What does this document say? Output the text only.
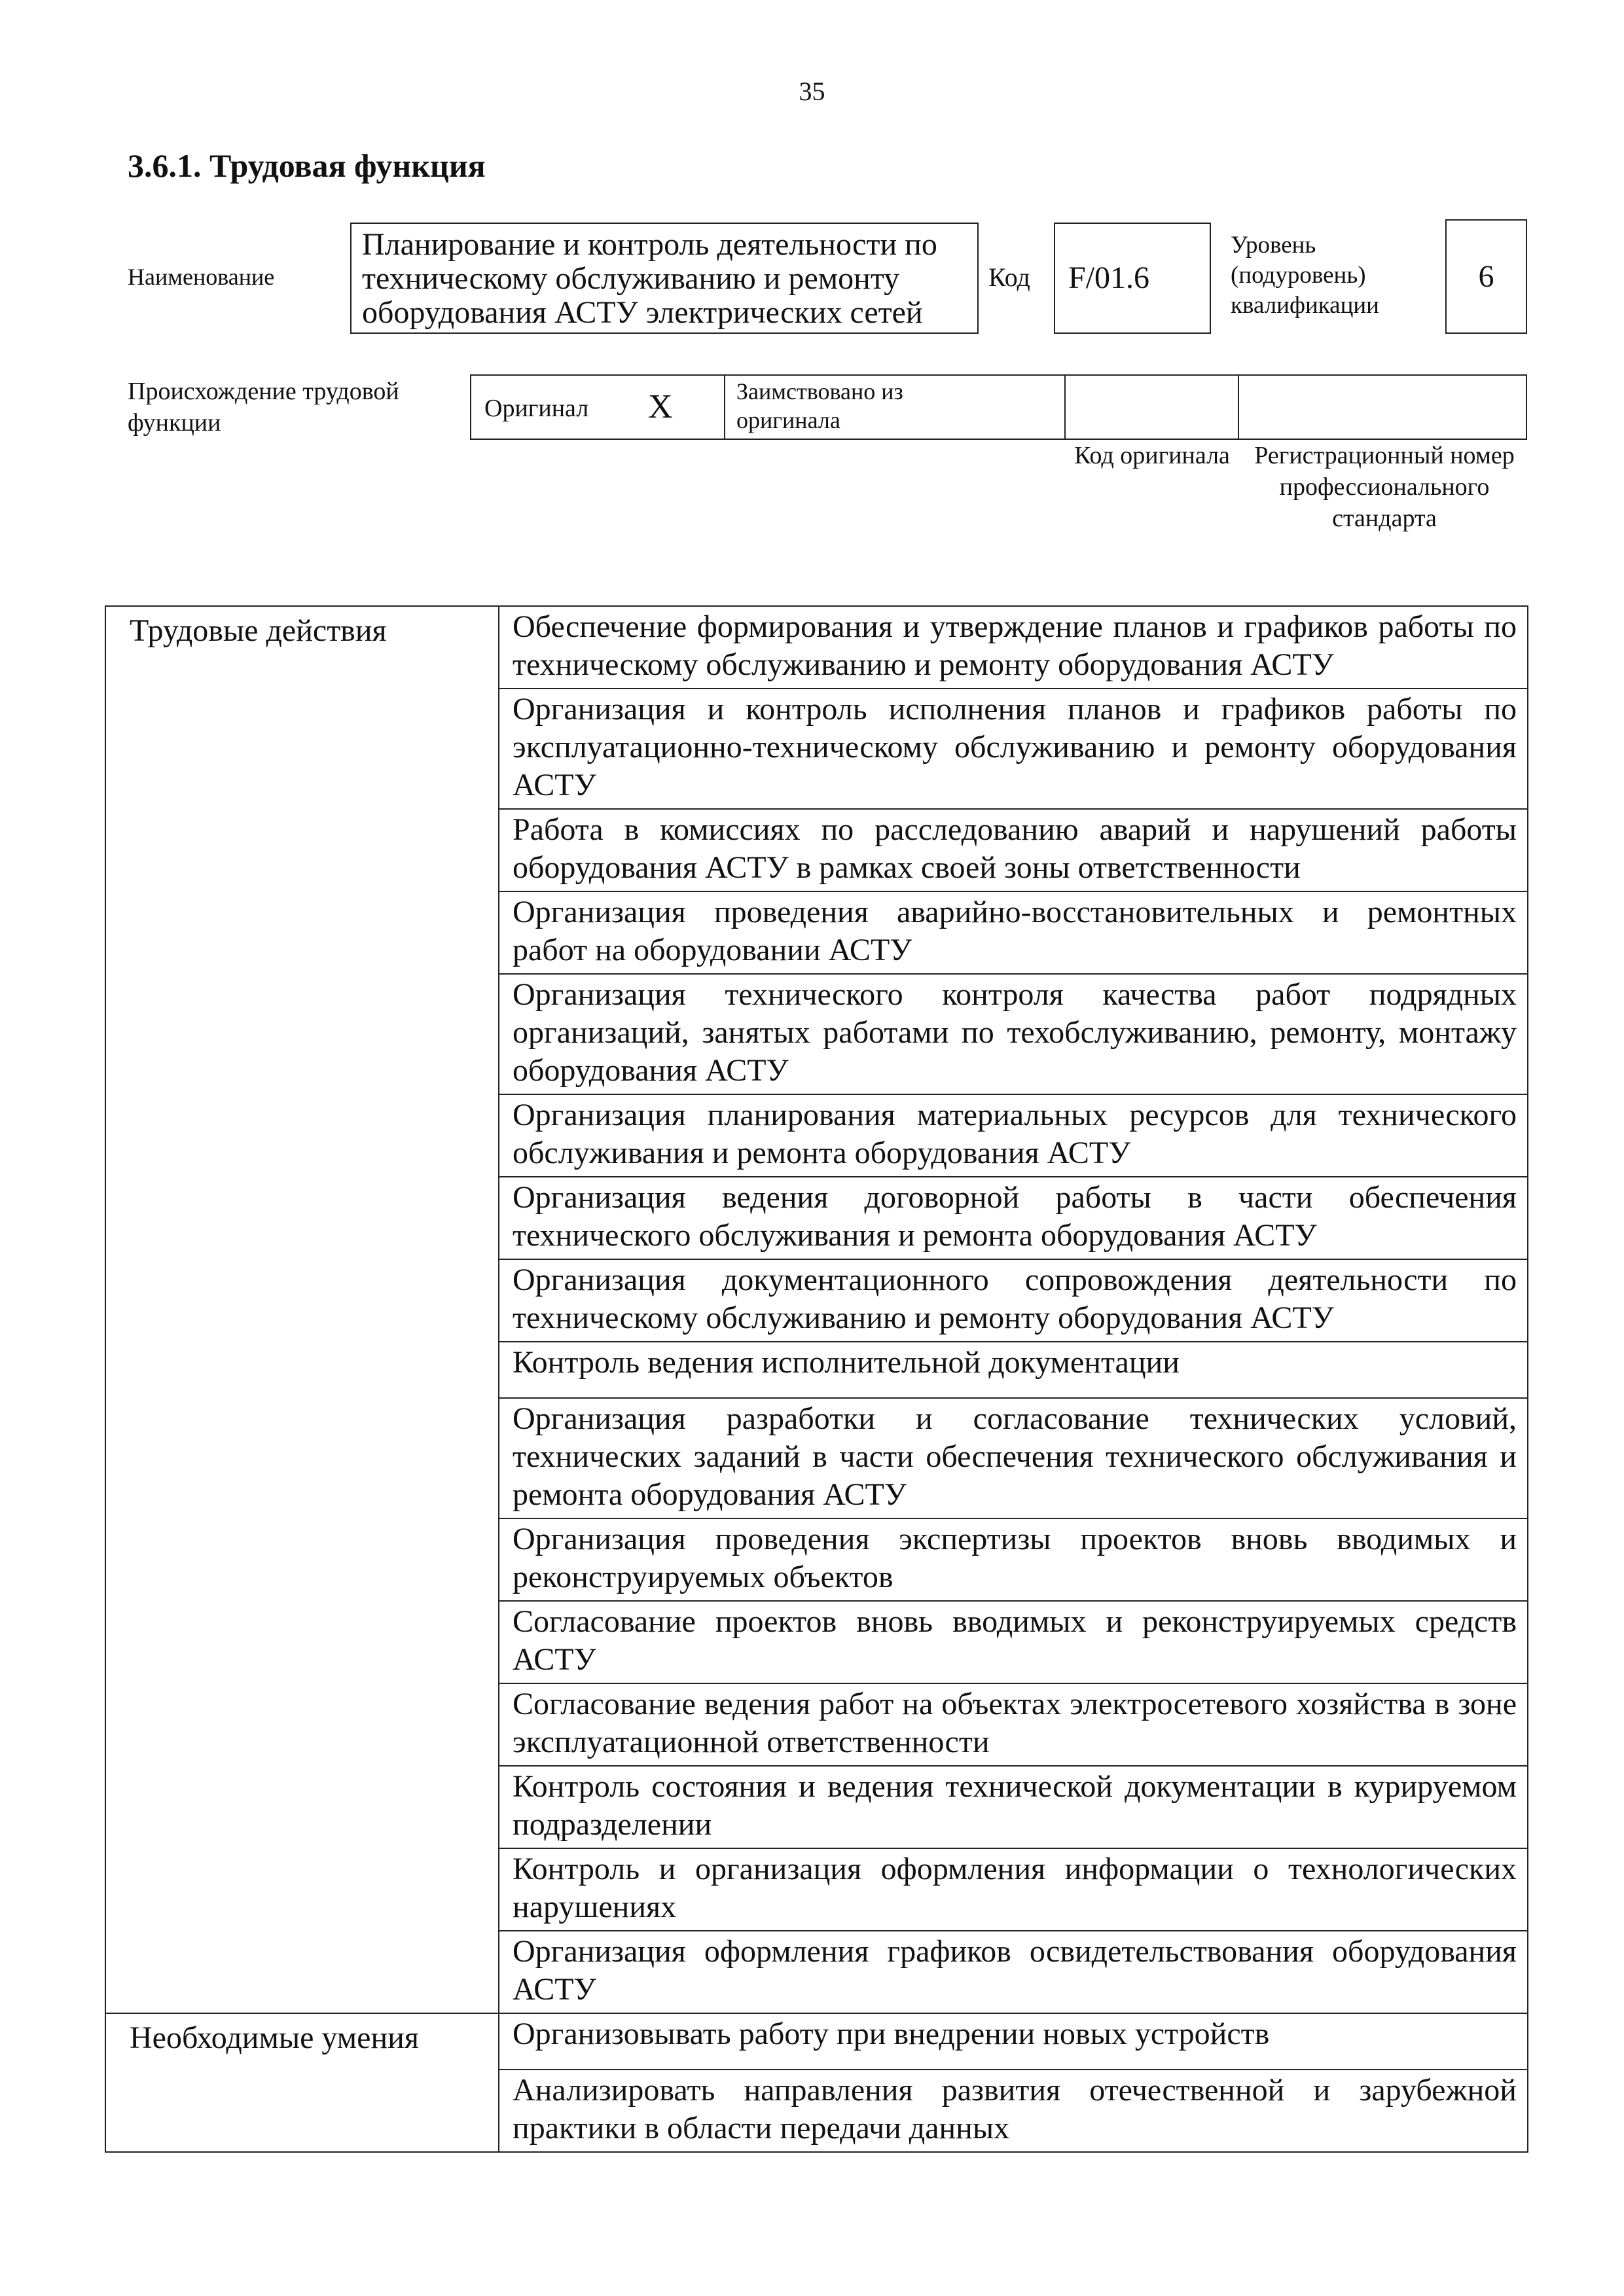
35
3.6.1. Трудовая функция
Наименование
Планирование и контроль деятельности по техническому обслуживанию и ремонту оборудования АСТУ электрических сетей
Код	F/01.6
Уровень (подуровень) квалификации
6
Происхождение трудовой функции
Оригинал X	Заимствовано из оригинала
Код оригинала Регистрационный номер профессионального стандарта
Трудовые действия	Обеспечение формирования и утверждение планов и графиков работы по техническому обслуживанию и ремонту оборудования АСТУ
	Организация и контроль исполнения планов и графиков работы по эксплуатационно-техническому обслуживанию и ремонту оборудования АСТУ
	Работа в комиссиях по расследованию аварий и нарушений работы оборудования АСТУ в рамках своей зоны ответственности
	Организация проведения аварийно-восстановительных и ремонтных работ на оборудовании АСТУ
	Организация технического контроля качества работ подрядных организаций, занятых работами по техобслуживанию, ремонту, монтажу оборудования АСТУ
	Организация планирования материальных ресурсов для технического обслуживания и ремонта оборудования АСТУ
	Организация ведения договорной работы в части обеспечения технического обслуживания и ремонта оборудования АСТУ
	Организация документационного сопровождения деятельности по техническому обслуживанию и ремонту оборудования АСТУ
	Контроль ведения исполнительной документации
	Организация разработки и согласование технических условий, технических заданий в части обеспечения технического обслуживания и ремонта оборудования АСТУ
	Организация проведения экспертизы проектов вновь вводимых и реконструируемых объектов
	Согласование проектов вновь вводимых и реконструируемых средств АСТУ
	Согласование ведения работ на объектах электросетевого хозяйства в зоне эксплуатационной ответственности
	Контроль состояния и ведения технической документации в курируемом подразделении
	Контроль и организация оформления информации о технологических нарушениях
	Организация оформления графиков освидетельствования оборудования АСТУ
Необходимые умения	Организовывать работу при внедрении новых устройств
	Анализировать направления развития отечественной и зарубежной практики в области передачи данных
